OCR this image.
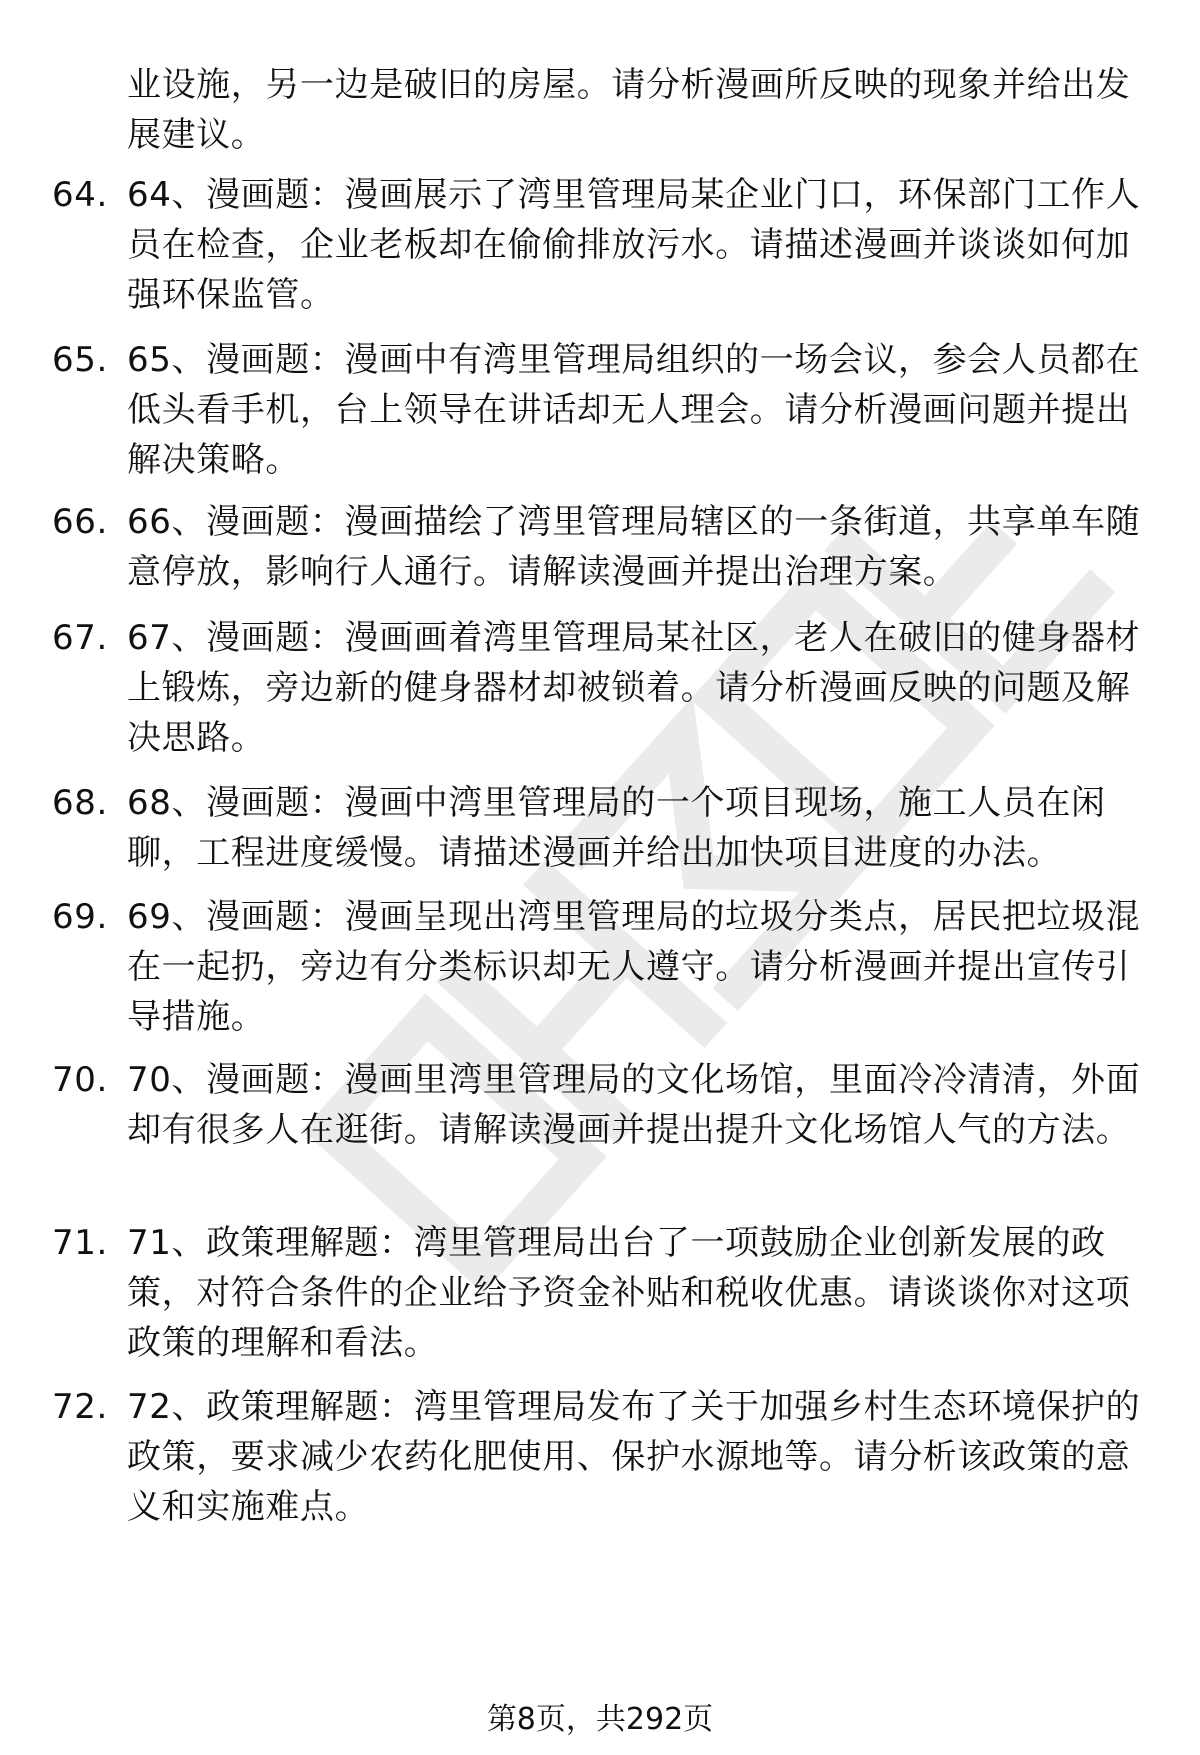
业设施，另一边是破旧的房屋。请分析漫画所反映的现象并给出发展建议。
64. 64、漫画题：漫画展示了湾里管理局某企业门口，环保部门工作人员在检查，企业老板却在偷偷排放污水。请描述漫画并谈谈如何加强环保监管。
65. 65、漫画题：漫画中有湾里管理局组织的一场会议，参会人员都在低头看手机，台上领导在讲话却无人理会。请分析漫画问题并提出解决策略。
66. 66、漫画题：漫画描绘了湾里管理局辖区的一条街道，共享单车随意停放，影响行人通行。请解读漫画并提出治理方案。
67. 67、漫画题：漫画画着湾里管理局某社区，老人在破旧的健身器材上锻炼，旁边新的健身器材却被锁着。请分析漫画反映的问题及解决思路。
68. 68、漫画题：漫画中湾里管理局的一个项目现场，施工人员在闲聊，工程进度缓慢。请描述漫画并给出加快项目进度的办法。
69. 69、漫画题：漫画呈现出湾里管理局的垃圾分类点，居民把垃圾混在一起扔，旁边有分类标识却无人遵守。请分析漫画并提出宣传引导措施。
70. 70、漫画题：漫画里湾里管理局的文化场馆，里面冷冷清清，外面却有很多人在逛街。请解读漫画并提出提升文化场馆人气的方法。
71. 71、政策理解题：湾里管理局出台了一项鼓励企业创新发展的政策，对符合条件的企业给予资金补贴和税收优惠。请谈谈你对这项政策的理解和看法。
72. 72、政策理解题：湾里管理局发布了关于加强乡村生态环境保护的政策，要求减少农药化肥使用、保护水源地等。请分析该政策的意义和实施难点。
第8页，共292页
